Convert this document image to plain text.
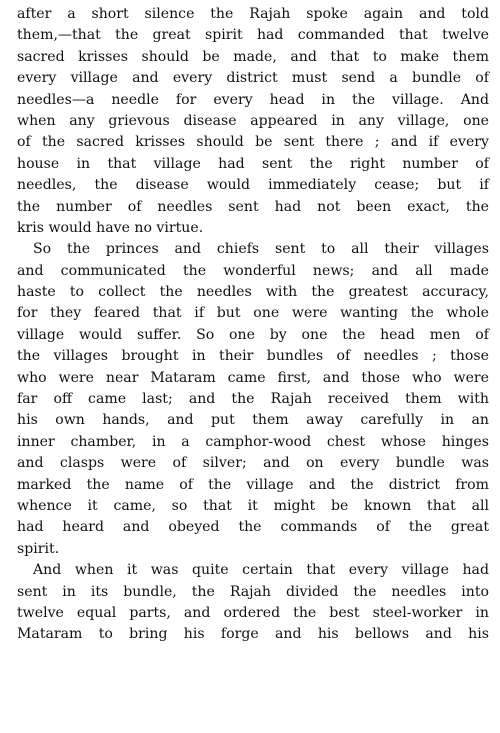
after a short silence the Rajah spoke again and told
them,—that the great spirit had commanded that twelve
sacred krisses should be made, and that to make them
every village and every district must send a bundle of
needles—a needle for every head in the village. And
when any grievous disease appeared in any village, one
of the sacred krisses should be sent there ; and if every
house in that village had sent the right number of
needles, the disease would immediately cease; but if
the number of needles sent had not been exact, the
kris would have no virtue.
So the princes and chiefs sent to all their villages
and communicated the wonderful news; and all made
haste to collect the needles with the greatest accuracy,
for they feared that if but one were wanting the whole
village would suffer. So one by one the head men of
the villages brought in their bundles of needles ; those
who were near Mataram came first, and those who were
far off came last; and the Rajah received them with
his own hands, and put them away carefully in an
inner chamber, in a camphor-wood chest whose hinges
and clasps were of silver; and on every bundle was
marked the name of the village and the district from
whence it came, so that it might be known that all
had heard and obeyed the commands of the great
spirit.
And when it was quite certain that every village had
sent in its bundle, the Rajah divided the needles into
twelve equal parts, and ordered the best steel-worker in
Mataram to bring his forge and his bellows and his
